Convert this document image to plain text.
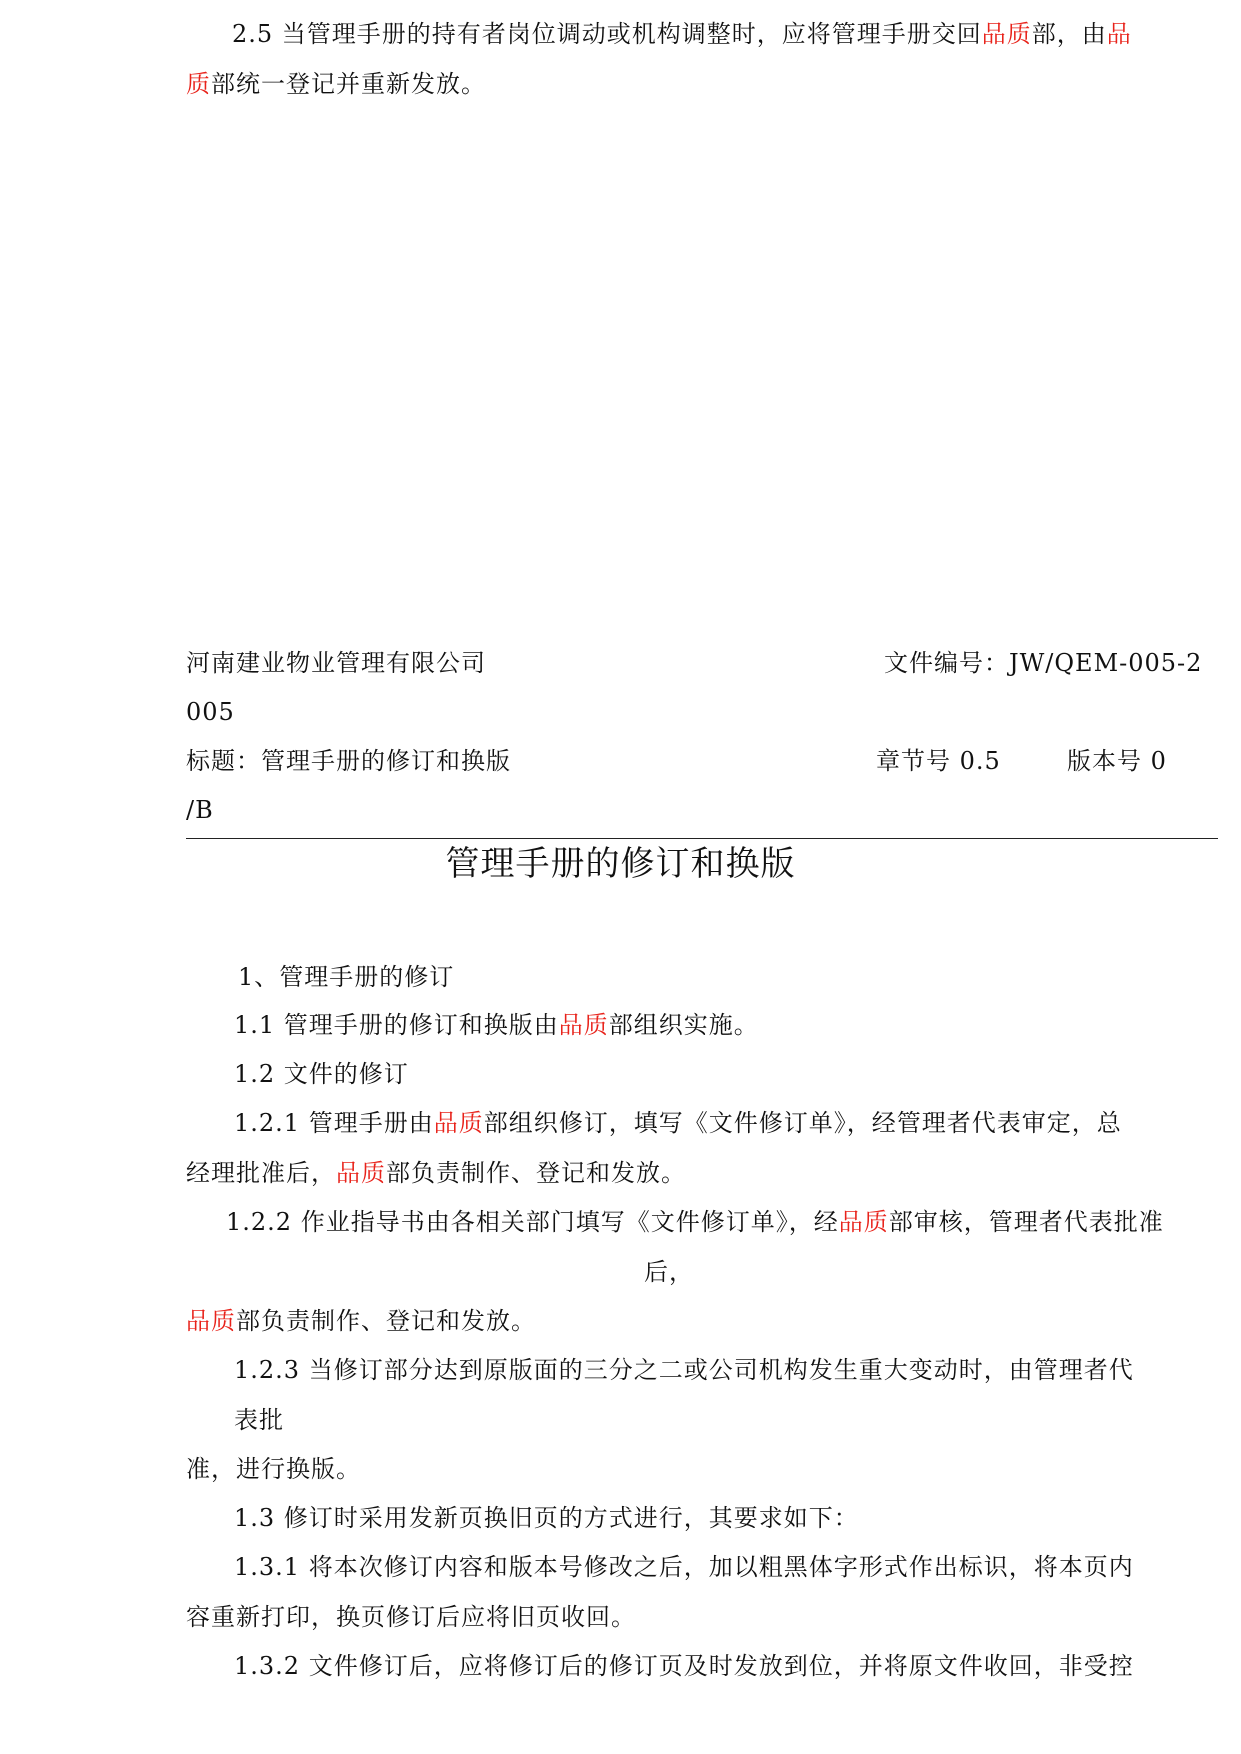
2.5 当管理手册的持有者岗位调动或机构调整时，应将管理手册交回品质部，由品

质部统一登记并重新发放。

河南建业物业管理有限公司	文件编号：JW/QEM-005-2

005

标题：管理手册的修订和换版	章节号 0.5	版本号 0

/B

管理手册的修订和换版

1、管理手册的修订

1.1 管理手册的修订和换版由品质部组织实施。

1.2 文件的修订

1.2.1 管理手册由品质部组织修订，填写《文件修订单》，经管理者代表审定，总

经理批准后，品质部负责制作、登记和发放。

1.2.2 作业指导书由各相关部门填写《文件修订单》，经品质部审核，管理者代表批准

后，

品质部负责制作、登记和发放。

1.2.3 当修订部分达到原版面的三分之二或公司机构发生重大变动时，由管理者代

表批

准，进行换版。

1.3 修订时采用发新页换旧页的方式进行，其要求如下：

1.3.1 将本次修订内容和版本号修改之后，加以粗黑体字形式作出标识，将本页内

容重新打印，换页修订后应将旧页收回。

1.3.2 文件修订后，应将修订后的修订页及时发放到位，并将原文件收回，非受控
